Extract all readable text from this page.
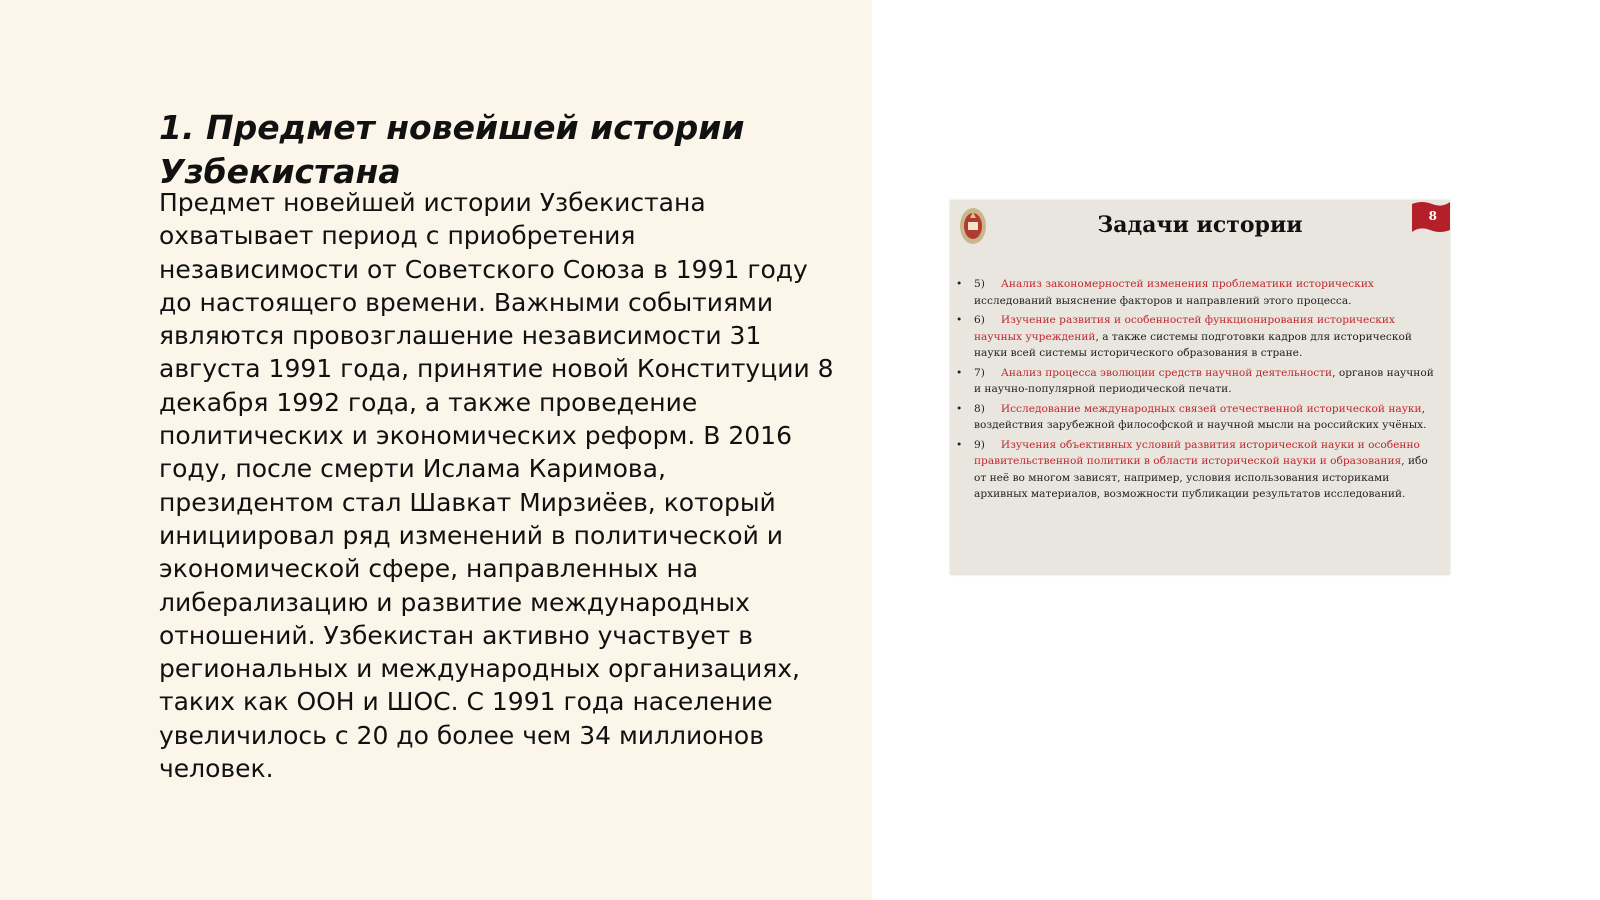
1. Предмет новейшей истории Узбекистана

Предмет новейшей истории Узбекистана охватывает период с приобретения независимости от Советского Союза в 1991 году до настоящего времени. Важными событиями являются провозглашение независимости 31 августа 1991 года, принятие новой Конституции 8 декабря 1992 года, а также проведение политических и экономических реформ. В 2016 году, после смерти Ислама Каримова, президентом стал Шавкат Мирзиёев, который инициировал ряд изменений в политической и экономической сфере, направленных на либерализацию и развитие международных отношений. Узбекистан активно участвует в региональных и международных организациях, таких как ООН и ШОС. С 1991 года население увеличилось с 20 до более чем 34 миллионов человек.

8
Задачи истории
• 5) Анализ закономерностей изменения проблематики исторических исследований выяснение факторов и направлений этого процесса.
• 6) Изучение развития и особенностей функционирования исторических научных учреждений, а также системы подготовки кадров для исторической науки всей системы исторического образования в стране.
• 7) Анализ процесса эволюции средств научной деятельности, органов научной и научно-популярной периодической печати.
• 8) Исследование международных связей отечественной исторической науки, воздействия зарубежной философской и научной мысли на российских учёных.
• 9) Изучения объективных условий развития исторической науки и особенно правительственной политики в области исторической науки и образования, ибо от неё во многом зависят, например, условия использования историками архивных материалов, возможности публикации результатов исследований.
